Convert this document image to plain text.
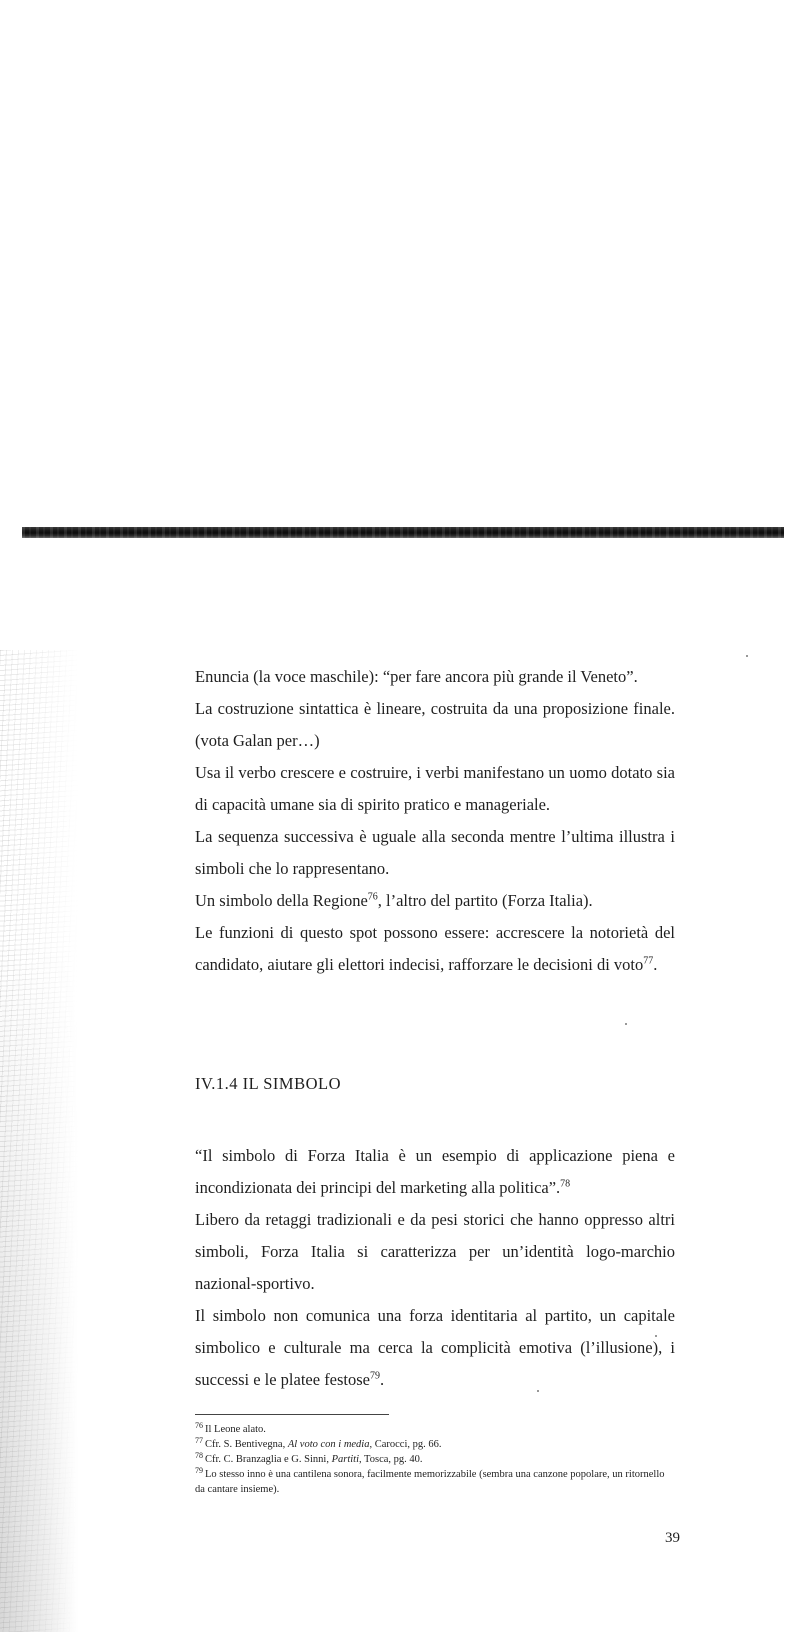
Enuncia (la voce maschile): “per fare ancora più grande il Veneto”.

La costruzione sintattica è lineare, costruita da una proposizione finale. (vota Galan per…)

Usa il verbo crescere e costruire, i verbi manifestano un uomo dotato sia di capacità umane sia di spirito pratico e manageriale.

La sequenza successiva è uguale alla seconda mentre l’ultima illustra i simboli che lo rappresentano.

Un simbolo della Regione$^{76}$, l’altro del partito (Forza Italia).

Le funzioni di questo spot possono essere: accrescere la notorietà del candidato, aiutare gli elettori indecisi, rafforzare le decisioni di voto$^{77}$.

IV.1.4 IL SIMBOLO

“Il simbolo di Forza Italia è un esempio di applicazione piena e incondizionata dei principi del marketing alla politica”.$^{78}$

Libero da retaggi tradizionali e da pesi storici che hanno oppresso altri simboli, Forza Italia si caratterizza per un’identità logo-marchio nazional-sportivo.

Il simbolo non comunica una forza identitaria al partito, un capitale simbolico e culturale ma cerca la complicità emotiva (l’illusione), i successi e le platee festose$^{79}$.

$^{76}$ Il Leone alato.

$^{77}$ Cfr. S. Bentivegna, Al voto con i media, Carocci, pg. 66.

$^{78}$ Cfr. C. Branzaglia e G. Sinni, Partiti, Tosca, pg. 40.

$^{79}$ Lo stesso inno è una cantilena sonora, facilmente memorizzabile (sembra una canzone popolare, un ritornello da cantare insieme).

39
